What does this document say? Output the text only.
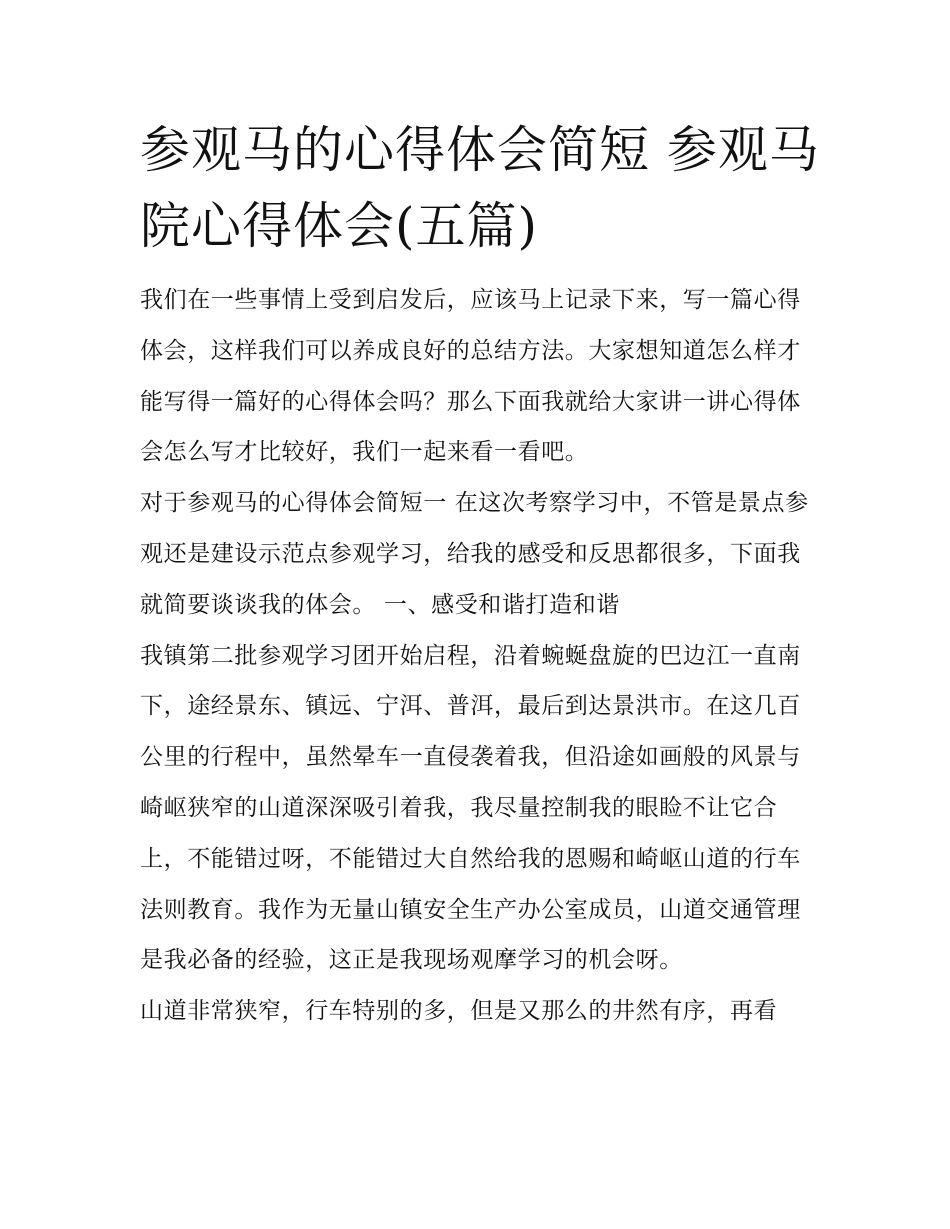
参观马的心得体会简短 参观马院心得体会(五篇)

我们在一些事情上受到启发后，应该马上记录下来，写一篇心得体会，这样我们可以养成良好的总结方法。大家想知道怎么样才能写得一篇好的心得体会吗？那么下面我就给大家讲一讲心得体会怎么写才比较好，我们一起来看一看吧。

对于参观马的心得体会简短一 在这次考察学习中，不管是景点参观还是建设示范点参观学习，给我的感受和反思都很多，下面我就简要谈谈我的体会。 一、感受和谐打造和谐

我镇第二批参观学习团开始启程，沿着蜿蜒盘旋的巴边江一直南下，途经景东、镇远、宁洱、普洱，最后到达景洪市。在这几百公里的行程中，虽然晕车一直侵袭着我，但沿途如画般的风景与崎岖狭窄的山道深深吸引着我，我尽量控制我的眼睑不让它合上，不能错过呀，不能错过大自然给我的恩赐和崎岖山道的行车法则教育。我作为无量山镇安全生产办公室成员，山道交通管理是我必备的经验，这正是我现场观摩学习的机会呀。

山道非常狭窄，行车特别的多，但是又那么的井然有序，再看
